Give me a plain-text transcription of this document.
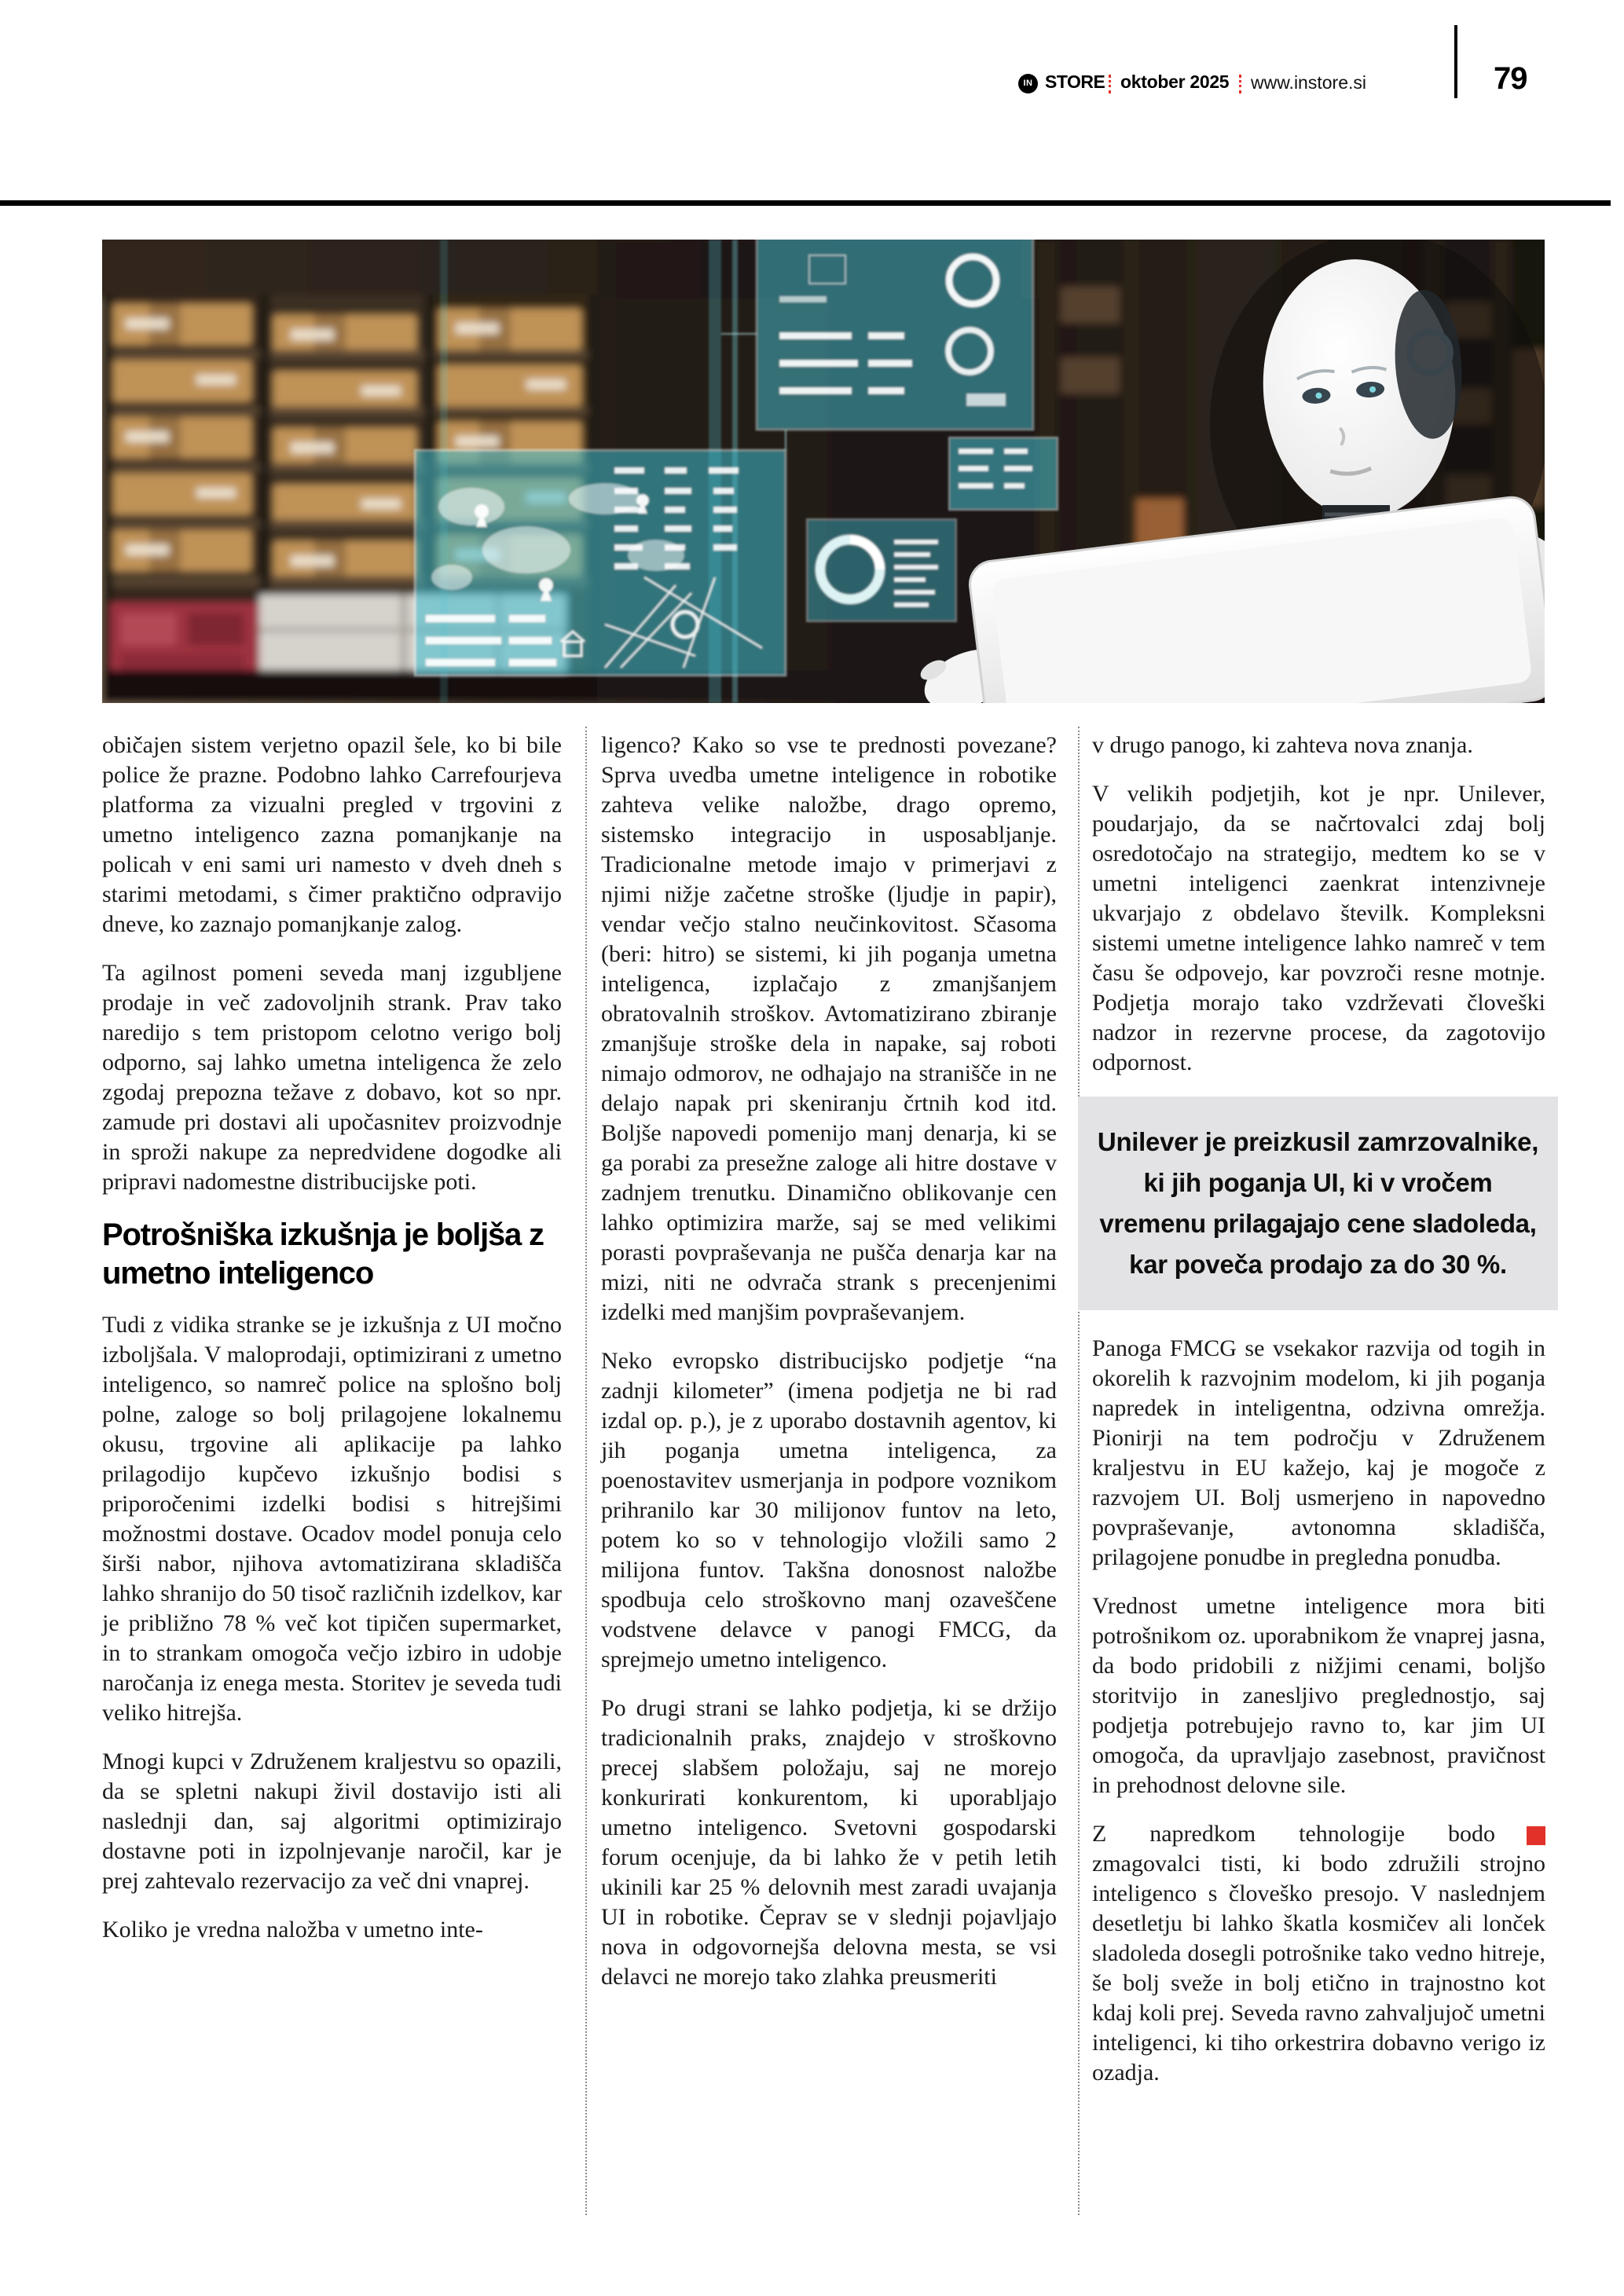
IN STORE oktober 2025 www.instore.si	79

običajen sistem verjetno opazil šele, ko bi bile police že prazne. Podobno lahko Carrefourjeva platforma za vizualni pregled v trgovini z umetno inteligenco zazna pomanjkanje na policah v eni sami uri namesto v dveh dneh s starimi metodami, s čimer praktično odpravijo dneve, ko zaznajo pomanjkanje zalog.

Ta agilnost pomeni seveda manj izgubljene prodaje in več zadovoljnih strank. Prav tako naredijo s tem pristopom celotno verigo bolj odporno, saj lahko umetna inteligenca že zelo zgodaj prepozna težave z dobavo, kot so npr. zamude pri dostavi ali upočasnitev proizvodnje in sproži nakupe za nepredvidene dogodke ali pripravi nadomestne distribucijske poti.

Potrošniška izkušnja je boljša z umetno inteligenco

Tudi z vidika stranke se je izkušnja z UI močno izboljšala. V maloprodaji, optimizirani z umetno inteligenco, so namreč police na splošno bolj polne, zaloge so bolj prilagojene lokalnemu okusu, trgovine ali aplikacije pa lahko prilagodijo kupčevo izkušnjo bodisi s priporočenimi izdelki bodisi s hitrejšimi možnostmi dostave. Ocadov model ponuja celo širši nabor, njihova avtomatizirana skladišča lahko shranijo do 50 tisoč različnih izdelkov, kar je približno 78 % več kot tipičen supermarket, in to strankam omogoča večjo izbiro in udobje naročanja iz enega mesta. Storitev je seveda tudi veliko hitrejša.

Mnogi kupci v Združenem kraljestvu so opazili, da se spletni nakupi živil dostavijo isti ali naslednji dan, saj algoritmi optimizirajo dostavne poti in izpolnjevanje naročil, kar je prej zahtevalo rezervacijo za več dni vnaprej.

Koliko je vredna naložba v umetno inte-

ligenco? Kako so vse te prednosti povezane? Sprva uvedba umetne inteligence in robotike zahteva velike naložbe, drago opremo, sistemsko integracijo in usposabljanje. Tradicionalne metode imajo v primerjavi z njimi nižje začetne stroške (ljudje in papir), vendar večjo stalno neučinkovitost. Sčasoma (beri: hitro) se sistemi, ki jih poganja umetna inteligenca, izplačajo z zmanjšanjem obratovalnih stroškov. Avtomatizirano zbiranje zmanjšuje stroške dela in napake, saj roboti nimajo odmorov, ne odhajajo na stranišče in ne delajo napak pri skeniranju črtnih kod itd. Boljše napovedi pomenijo manj denarja, ki se ga porabi za presežne zaloge ali hitre dostave v zadnjem trenutku. Dinamično oblikovanje cen lahko optimizira marže, saj se med velikimi porasti povpraševanja ne pušča denarja kar na mizi, niti ne odvrača strank s precenjenimi izdelki med manjšim povpraševanjem.

Neko evropsko distribucijsko podjetje “na zadnji kilometer” (imena podjetja ne bi rad izdal op. p.), je z uporabo dostavnih agentov, ki jih poganja umetna inteligenca, za poenostavitev usmerjanja in podpore voznikom prihranilo kar 30 milijonov funtov na leto, potem ko so v tehnologijo vložili samo 2 milijona funtov. Takšna donosnost naložbe spodbuja celo stroškovno manj ozaveščene vodstvene delavce v panogi FMCG, da sprejmejo umetno inteligenco.

Po drugi strani se lahko podjetja, ki se držijo tradicionalnih praks, znajdejo v stroškovno precej slabšem položaju, saj ne morejo konkurirati konkurentom, ki uporabljajo umetno inteligenco. Svetovni gospodarski forum ocenjuje, da bi lahko že v petih letih ukinili kar 25 % delovnih mest zaradi uvajanja UI in robotike. Čeprav se v slednji pojavljajo nova in odgovornejša delovna mesta, se vsi delavci ne morejo tako zlahka preusmeriti

v drugo panogo, ki zahteva nova znanja.

V velikih podjetjih, kot je npr. Unilever, poudarjajo, da se načrtovalci zdaj bolj osredotočajo na strategijo, medtem ko se v umetni inteligenci zaenkrat intenzivneje ukvarjajo z obdelavo številk. Kompleksni sistemi umetne inteligence lahko namreč v tem času še odpovejo, kar povzroči resne motnje. Podjetja morajo tako vzdrževati človeški nadzor in rezervne procese, da zagotovijo odpornost.

Unilever je preizkusil zamrzovalnike, ki jih poganja UI, ki v vročem vremenu prilagajajo cene sladoleda, kar poveča prodajo za do 30 %.

Panoga FMCG se vsekakor razvija od togih in okorelih k razvojnim modelom, ki jih poganja napredek in inteligentna, odzivna omrežja. Pionirji na tem področju v Združenem kraljestvu in EU kažejo, kaj je mogoče z razvojem UI. Bolj usmerjeno in napovedno povpraševanje, avtonomna skladišča, prilagojene ponudbe in pregledna ponudba.

Vrednost umetne inteligence mora biti potrošnikom oz. uporabnikom že vnaprej jasna, da bodo pridobili z nižjimi cenami, boljšo storitvijo in zanesljivo preglednostjo, saj podjetja potrebujejo ravno to, kar jim UI omogoča, da upravljajo zasebnost, pravičnost in prehodnost delovne sile.

Z napredkom tehnologije bodo zmagovalci tisti, ki bodo združili strojno inteligenco s človeško presojo. V naslednjem desetletju bi lahko škatla kosmičev ali lonček sladoleda dosegli potrošnike tako vedno hitreje, še bolj sveže in bolj etično in trajnostno kot kdaj koli prej. Seveda ravno zahvaljujoč umetni inteligenci, ki tiho orkestrira dobavno verigo iz ozadja.
